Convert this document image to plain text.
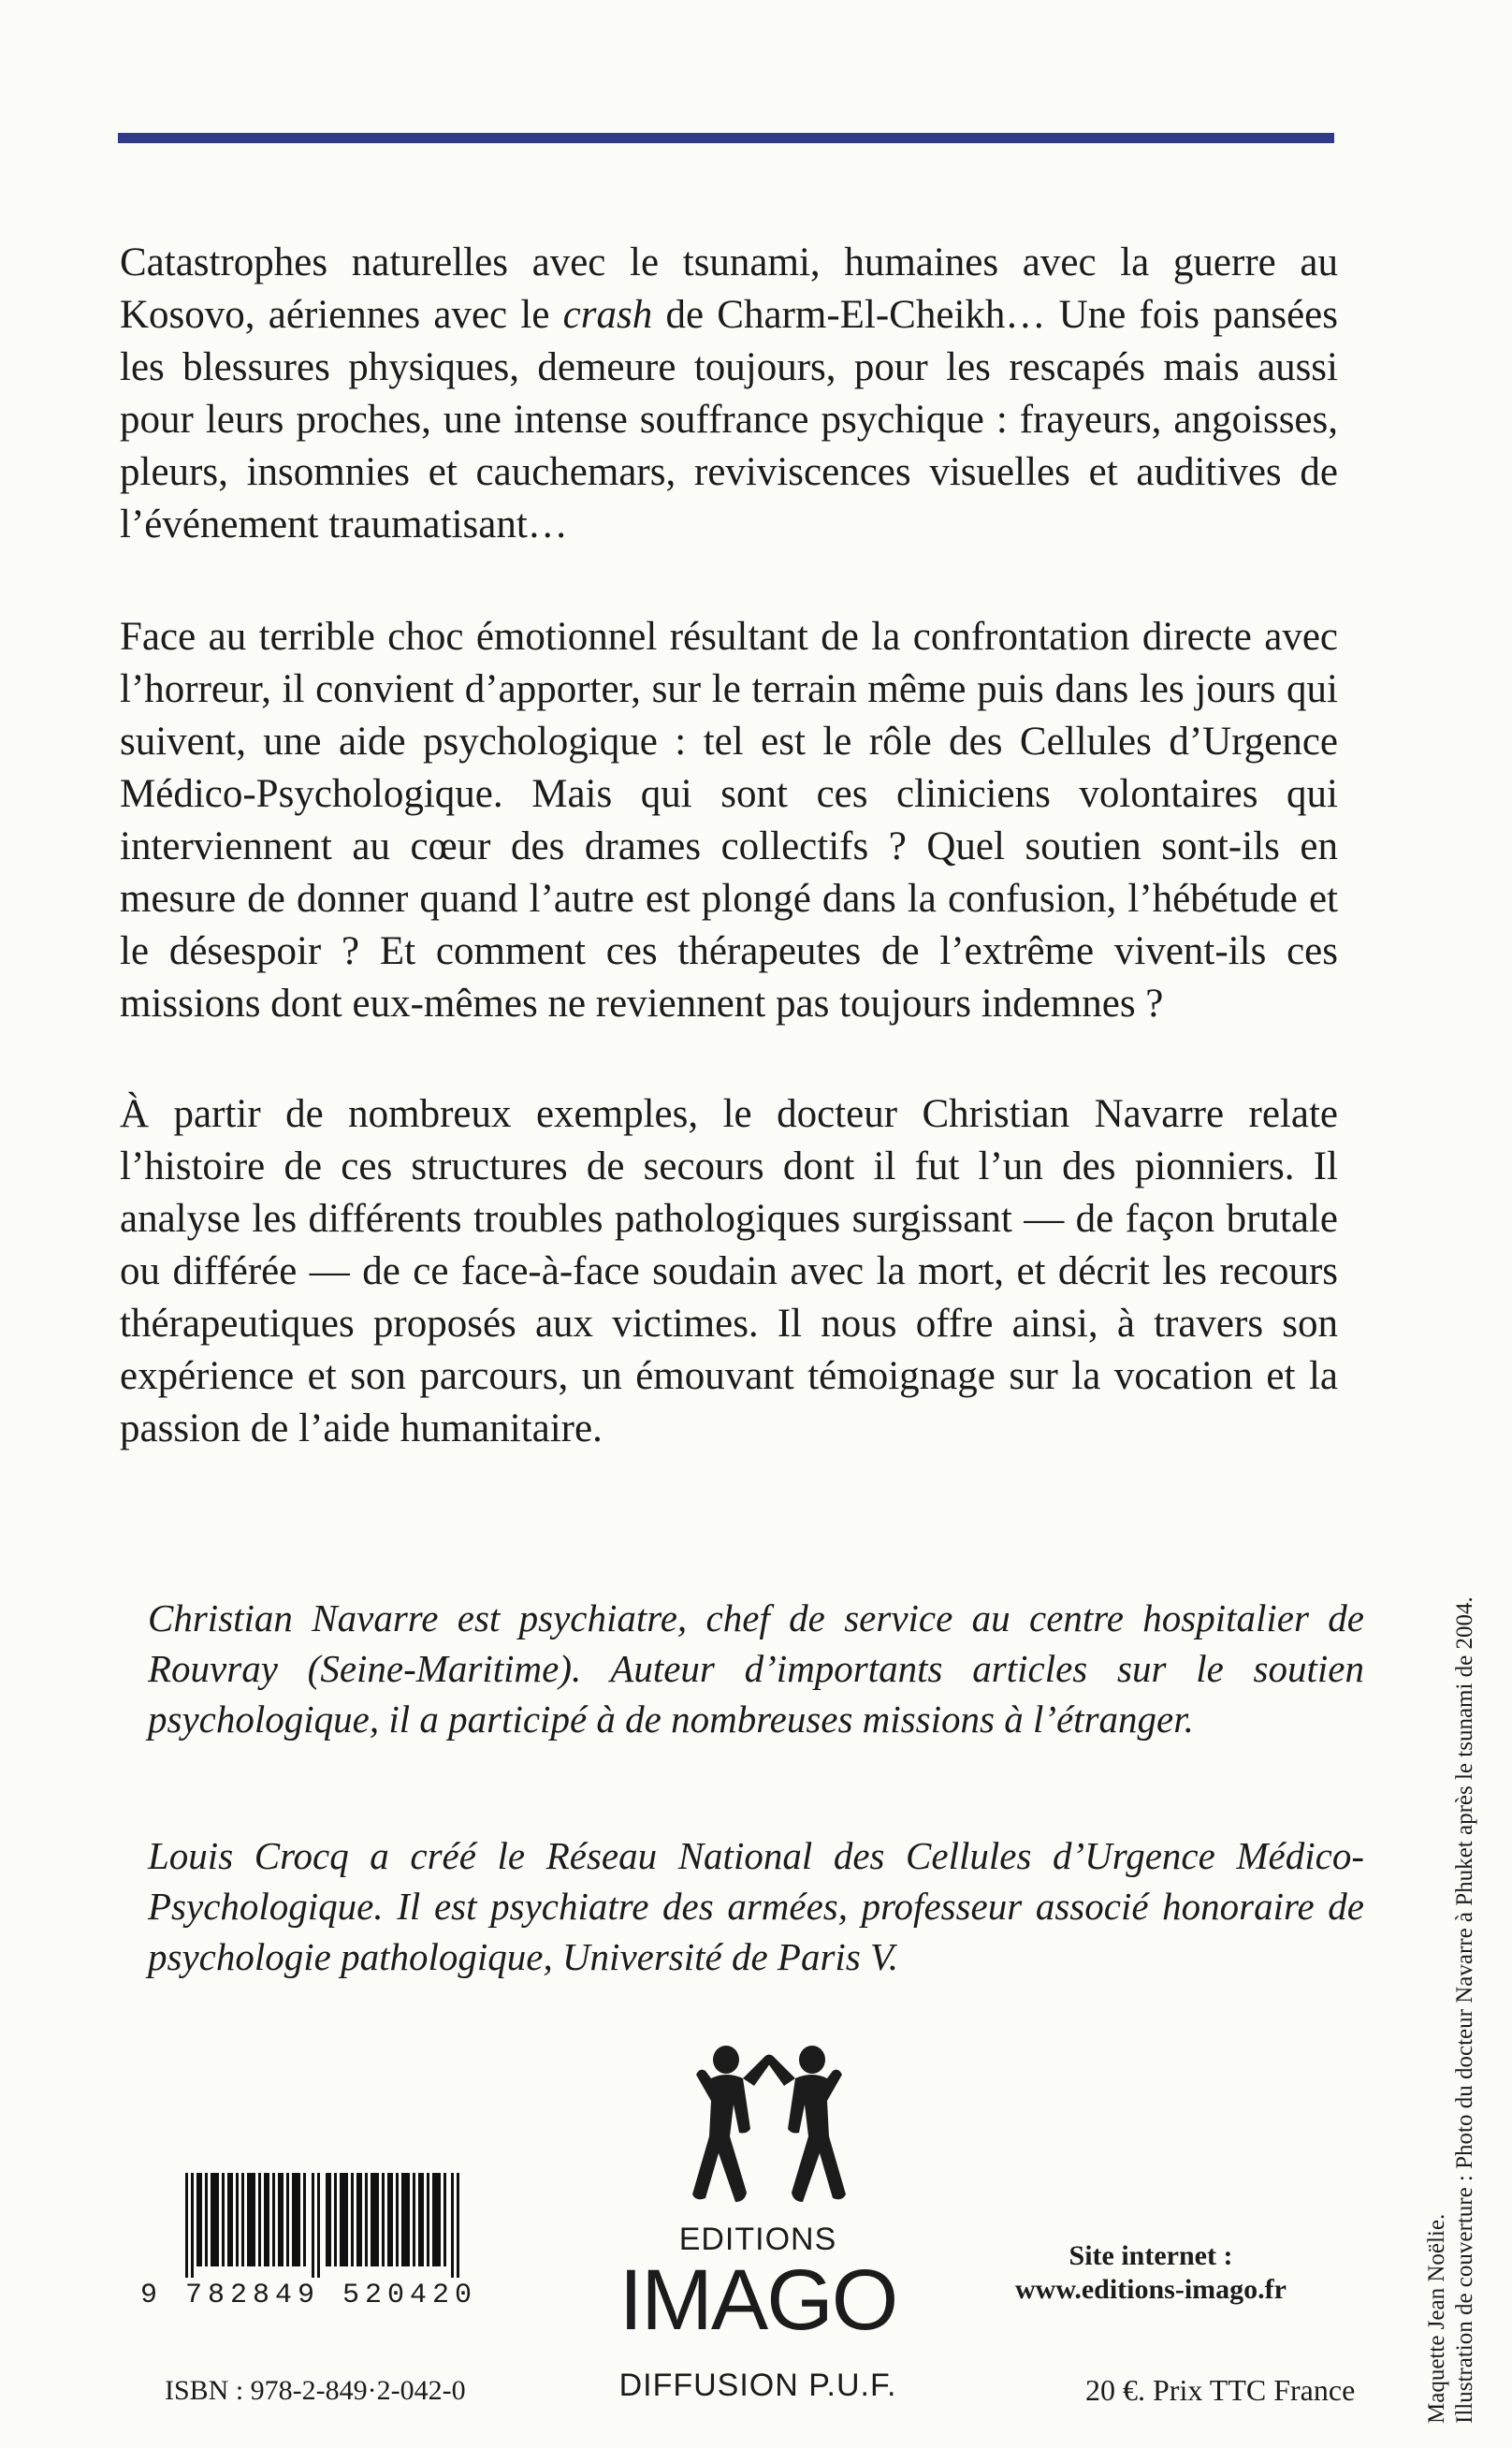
Catastrophes naturelles avec le tsunami, humaines avec la guerre au Kosovo, aériennes avec le crash de Charm-El-Cheikh… Une fois pansées les blessures physiques, demeure toujours, pour les rescapés mais aussi pour leurs proches, une intense souffrance psychique : frayeurs, angoisses, pleurs, insomnies et cauchemars, reviviscences visuelles et auditives de l’événement traumatisant…

Face au terrible choc émotionnel résultant de la confrontation directe avec l’horreur, il convient d’apporter, sur le terrain même puis dans les jours qui suivent, une aide psychologique : tel est le rôle des Cellules d’Urgence Médico-Psychologique. Mais qui sont ces cliniciens volontaires qui interviennent au cœur des drames collectifs ? Quel soutien sont-ils en mesure de donner quand l’autre est plongé dans la confusion, l’hébétude et le désespoir ? Et comment ces thérapeutes de l’extrême vivent-ils ces missions dont eux-mêmes ne reviennent pas toujours indemnes ?

À partir de nombreux exemples, le docteur Christian Navarre relate l’histoire de ces structures de secours dont il fut l’un des pionniers. Il analyse les différents troubles pathologiques surgissant — de façon brutale ou différée — de ce face-à-face soudain avec la mort, et décrit les recours thérapeutiques proposés aux victimes. Il nous offre ainsi, à travers son expérience et son parcours, un émouvant témoignage sur la vocation et la passion de l’aide humanitaire.

Christian Navarre est psychiatre, chef de service au centre hospitalier de Rouvray (Seine-Maritime). Auteur d’importants articles sur le soutien psychologique, il a participé à de nombreuses missions à l’étranger.

Louis Crocq a créé le Réseau National des Cellules d’Urgence Médico-Psychologique. Il est psychiatre des armées, professeur associé honoraire de psychologie pathologique, Université de Paris V.

EDITIONS
IMAGO
DIFFUSION P.U.F.
9 782849 520420
ISBN : 978-2-849·2-042-0
Site internet :
www.editions-imago.fr
20 €. Prix TTC France	Maquette Jean Noëlie. Illustration de couverture : Photo du docteur Navarre à Phuket après le tsunami de 2004.
